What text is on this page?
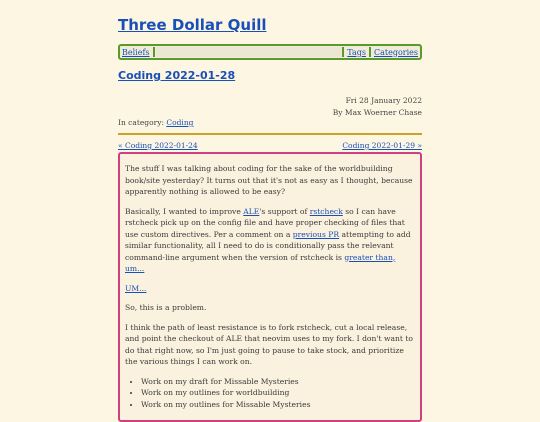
Three Dollar Quill
Beliefs	Tags Categories
Coding 2022-01-28
Fri 28 January 2022
By Max Woerner Chase
In category: Coding
« Coding 2022-01-24	Coding 2022-01-29 »

The stuff I was talking about coding for the sake of the worldbuilding book/site yesterday? It turns out that it's not as easy as I thought, because apparently nothing is allowed to be easy?

Basically, I wanted to improve ALE's support of rstcheck so I can have rstcheck pick up on the config file and have proper checking of files that use custom directives. Per a comment on a previous PR attempting to add similar functionality, all I need to do is conditionally pass the relevant command-line argument when the version of rstcheck is greater than, um...

UM...

So, this is a problem.

I think the path of least resistance is to fork rstcheck, cut a local release, and point the checkout of ALE that neovim uses to my fork. I don't want to do that right now, so I'm just going to pause to take stock, and prioritize the various things I can work on.

• Work on my draft for Missable Mysteries
• Work on my outlines for worldbuilding
• Work on my outlines for Missable Mysteries
